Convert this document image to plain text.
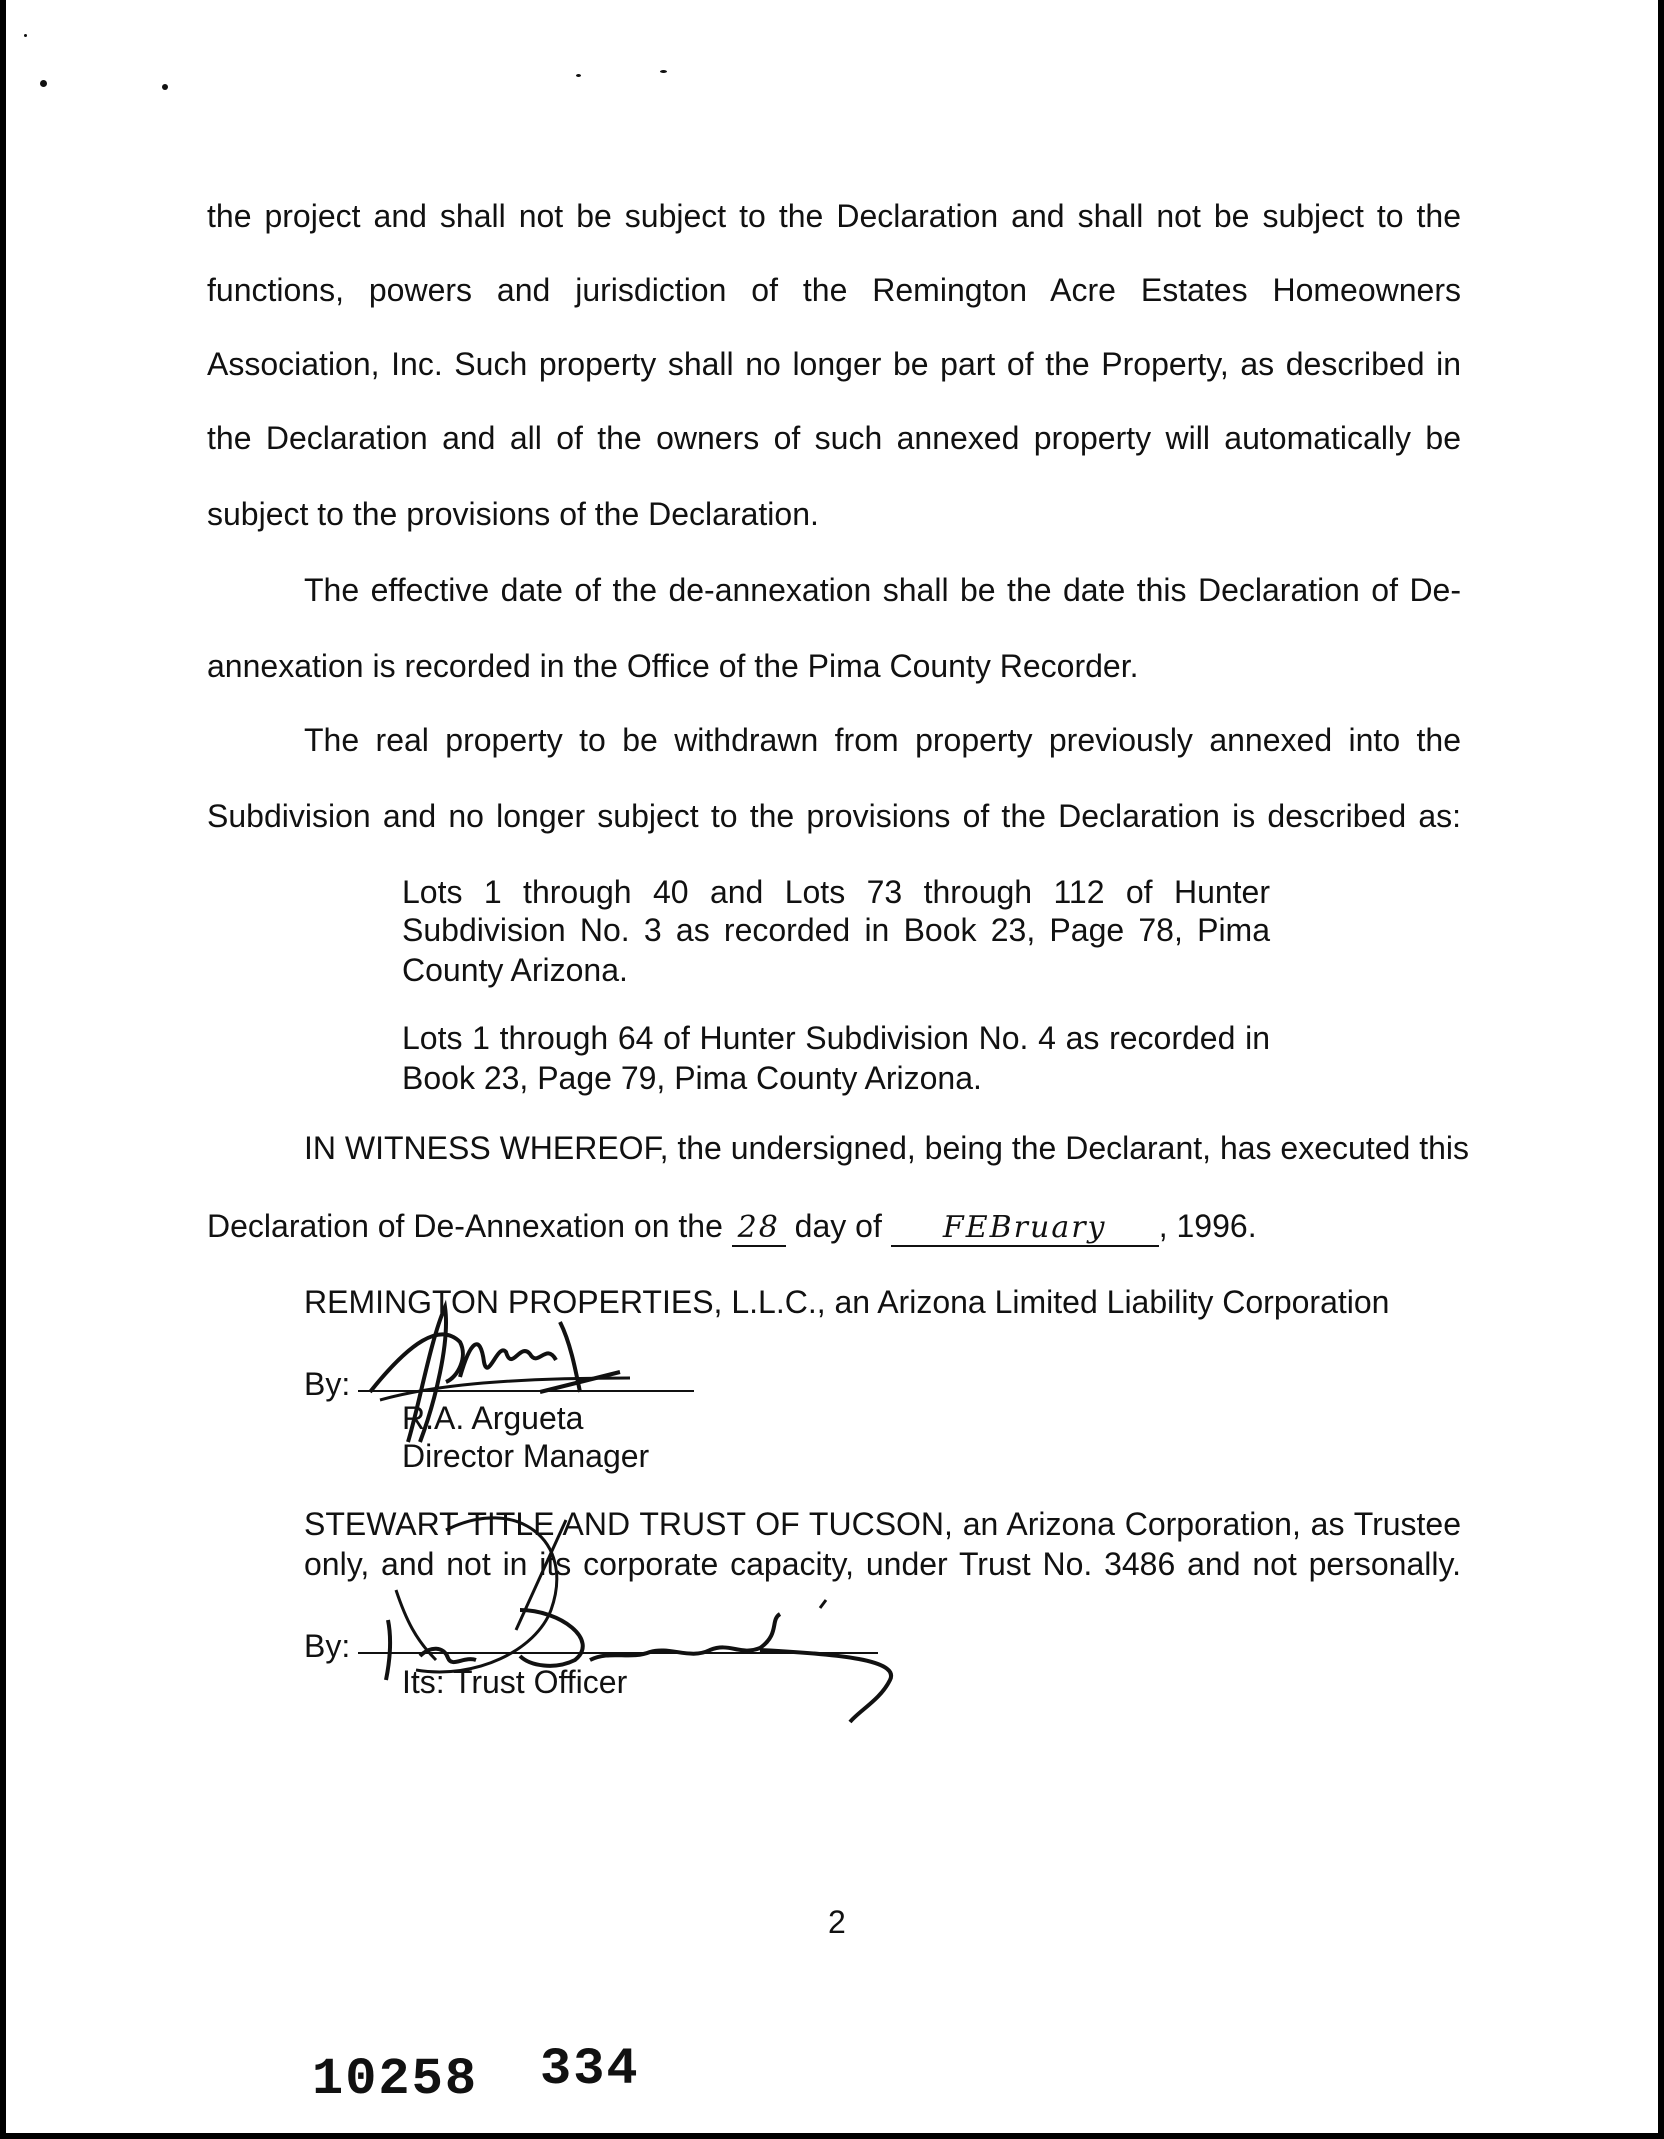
the project and shall not be subject to the Declaration and shall not be subject to the
functions, powers and jurisdiction of the Remington Acre Estates Homeowners
Association, Inc. Such property shall no longer be part of the Property, as described in
the Declaration and all of the owners of such annexed property will automatically be
subject to the provisions of the Declaration.
The effective date of the de-annexation shall be the date this Declaration of De-
annexation is recorded in the Office of the Pima County Recorder.
The real property to be withdrawn from property previously annexed into the
Subdivision and no longer subject to the provisions of the Declaration is described as:
Lots 1 through 40 and Lots 73 through 112 of Hunter
Subdivision No. 3 as recorded in Book 23, Page 78, Pima
County Arizona.
Lots 1 through 64 of Hunter Subdivision No. 4 as recorded in
Book 23, Page 79, Pima County Arizona.
IN WITNESS WHEREOF, the undersigned, being the Declarant, has executed this
Declaration of De-Annexation on the 28 day of FEBruary , 1996.
REMINGTON PROPERTIES, L.L.C., an Arizona Limited Liability Corporation
By:
R.A. Argueta
Director Manager
STEWART TITLE AND TRUST OF TUCSON, an Arizona Corporation, as Trustee
only, and not in its corporate capacity, under Trust No. 3486 and not personally.
By:
Its: Trust Officer
2
10258 334
